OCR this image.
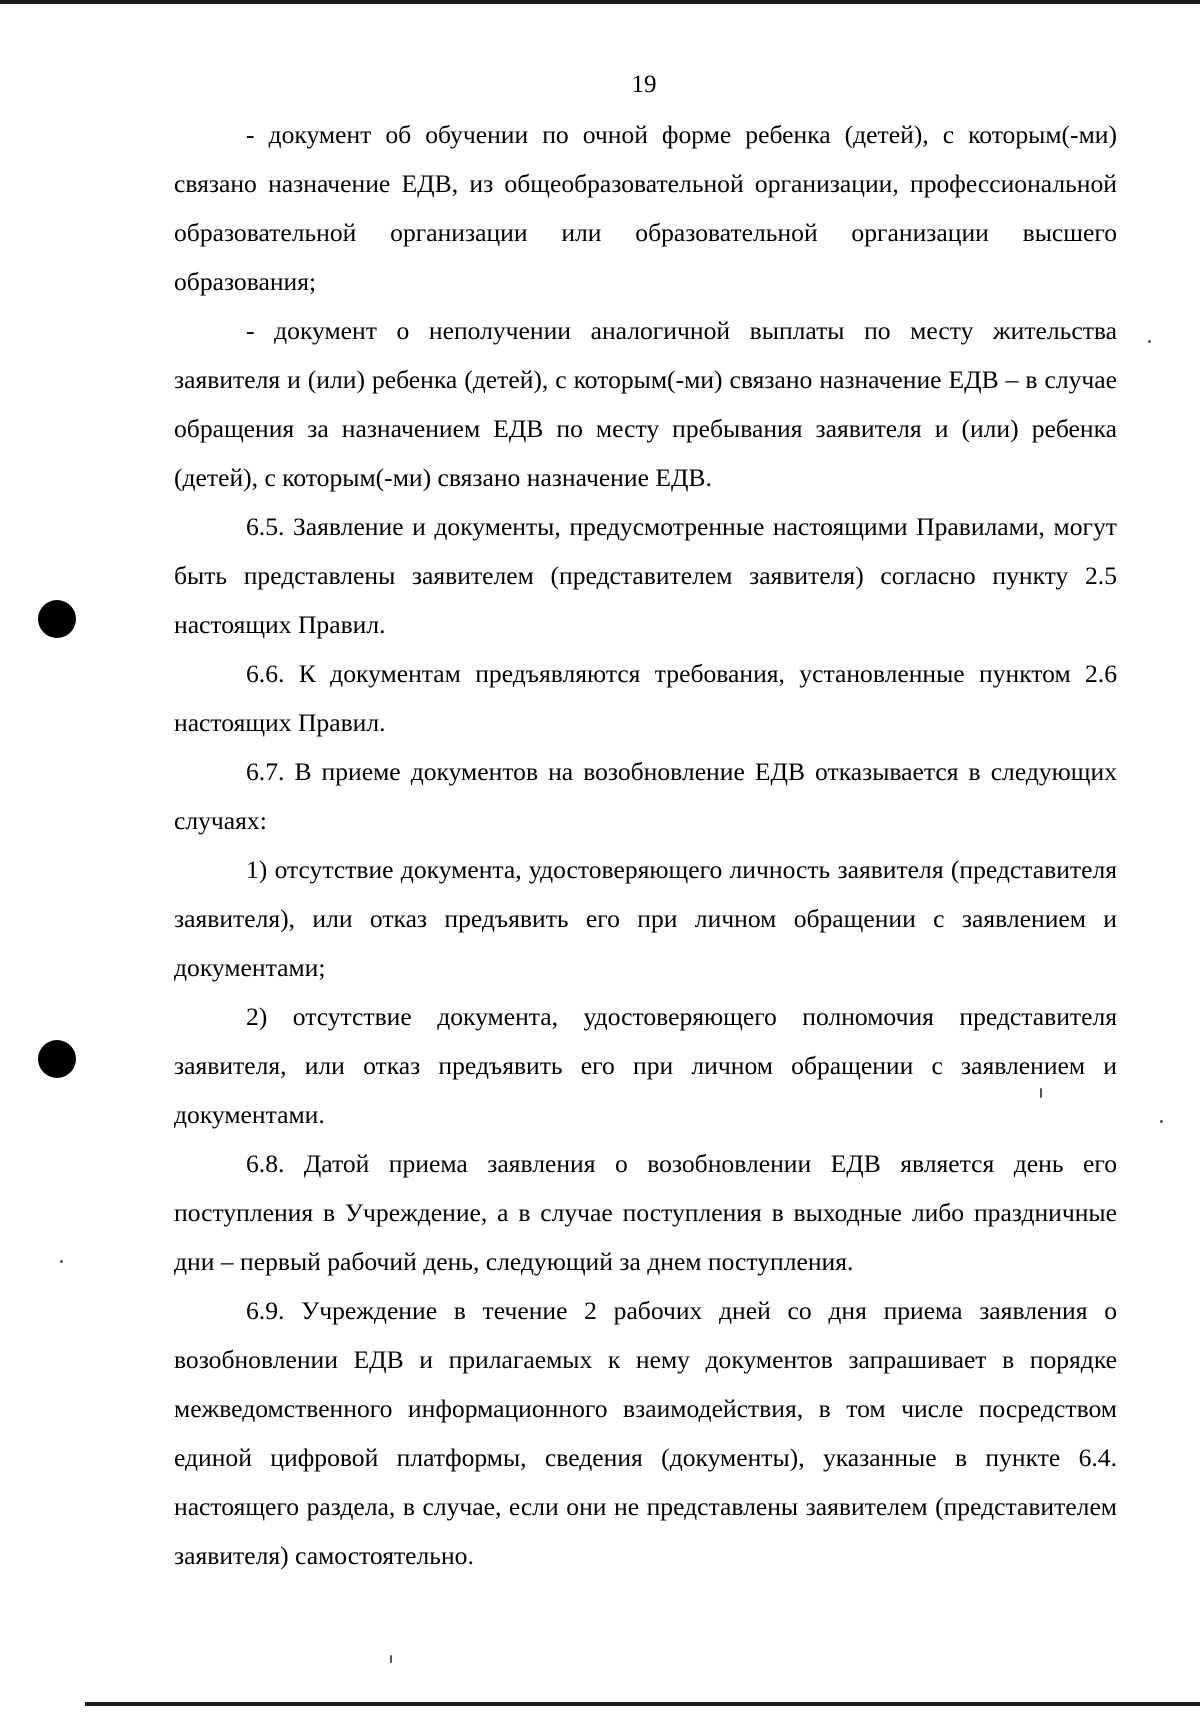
19

- документ об обучении по очной форме ребенка (детей), с которым(-ми) связано назначение ЕДВ, из общеобразовательной организации, профессиональной образовательной организации или образовательной организации высшего образования;

- документ о неполучении аналогичной выплаты по месту жительства заявителя и (или) ребенка (детей), с которым(-ми) связано назначение ЕДВ – в случае обращения за назначением ЕДВ по месту пребывания заявителя и (или) ребенка (детей), с которым(-ми) связано назначение ЕДВ.

6.5. Заявление и документы, предусмотренные настоящими Правилами, могут быть представлены заявителем (представителем заявителя) согласно пункту 2.5 настоящих Правил.

6.6. К документам предъявляются требования, установленные пунктом 2.6 настоящих Правил.

6.7. В приеме документов на возобновление ЕДВ отказывается в следующих случаях:

1) отсутствие документа, удостоверяющего личность заявителя (представителя заявителя), или отказ предъявить его при личном обращении с заявлением и документами;

2) отсутствие документа, удостоверяющего полномочия представителя заявителя, или отказ предъявить его при личном обращении с заявлением и документами.

6.8. Датой приема заявления о возобновлении ЕДВ является день его поступления в Учреждение, а в случае поступления в выходные либо праздничные дни – первый рабочий день, следующий за днем поступления.

6.9. Учреждение в течение 2 рабочих дней со дня приема заявления о возобновлении ЕДВ и прилагаемых к нему документов запрашивает в порядке межведомственного информационного взаимодействия, в том числе посредством единой цифровой платформы, сведения (документы), указанные в пункте 6.4. настоящего раздела, в случае, если они не представлены заявителем (представителем заявителя) самостоятельно.
